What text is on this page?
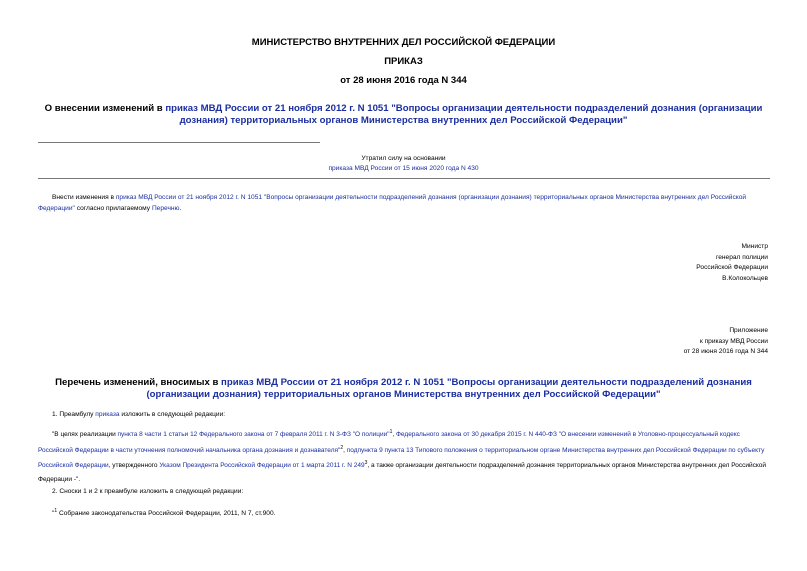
МИНИСТЕРСТВО ВНУТРЕННИХ ДЕЛ РОССИЙСКОЙ ФЕДЕРАЦИИ
ПРИКАЗ
от 28 июня 2016 года N 344
О внесении изменений в приказ МВД России от 21 ноября 2012 г. N 1051 "Вопросы организации деятельности подразделений дознания (организации дознания) территориальных органов Министерства внутренних дел Российской Федерации"
Утратил силу на основании
приказа МВД России от 15 июня 2020 года N 430
Внести изменения в приказ МВД России от 21 ноября 2012 г. N 1051 "Вопросы организации деятельности подразделений дознания (организации дознания) территориальных органов Министерства внутренних дел Российской Федерации" согласно прилагаемому Перечню.
Министр
генерал полиции
Российской Федерации
В.Колокольцев
Приложение
к приказу МВД России
от 28 июня 2016 года N 344
Перечень изменений, вносимых в приказ МВД России от 21 ноября 2012 г. N 1051 "Вопросы организации деятельности подразделений дознания (организации дознания) территориальных органов Министерства внутренних дел Российской Федерации"
1. Преамбулу приказа изложить в следующей редакции:
"В целях реализации пункта 8 части 1 статьи 12 Федерального закона от 7 февраля 2011 г. N 3-ФЗ "О полиции"$^1$, Федерального закона от 30 декабря 2015 г. N 440-ФЗ "О внесении изменений в Уголовно-процессуальный кодекс Российской Федерации в части уточнения полномочий начальника органа дознания и дознавателя"$^2$, подпункта 9 пункта 13 Типового положения о территориальном органе Министерства внутренних дел Российской Федерации по субъекту Российской Федерации, утвержденного Указом Президента Российской Федерации от 1 марта 2011 г. N $249^3$, а также организации деятельности подразделений дознания территориальных органов Министерства внутренних дел Российской Федерации -".
2. Сноски 1 и 2 к преамбуле изложить в следующей редакции:
"$^1$ Собрание законодательства Российской Федерации, 2011, N 7, ст.900.
